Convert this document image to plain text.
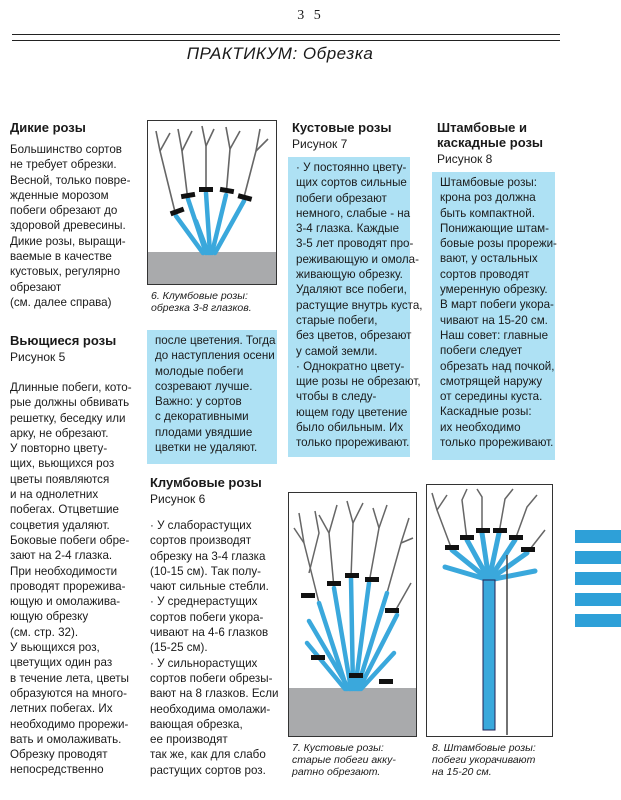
3 5
ПРАКТИКУМ: Обрезка
Дикие розы
Большинство сортов
не требует обрезки.
Весной, только повре-
жденные морозом
побеги обрезают до
здоровой древесины.
Дикие розы, выращи-
ваемые в качестве
кустовых, регулярно
обрезают
(см. далее справа)
Вьющиеся розы
Рисунок 5
Длинные побеги, кото-
рые должны обвивать
решетку, беседку или
арку, не обрезают.
У повторно цвету-
щих, вьющихся роз
цветы появляются
и на однолетних
побегах. Отцветшие
соцветия удаляют.
Боковые побеги обре-
зают на 2-4 глазка.
При необходимости
проводят прорежива-
ющую и омолажива-
ющую обрезку
(см. стр. 32).
У вьющихся роз,
цветущих один раз
в течение лета, цветы
образуются на много-
летних побегах. Их
необходимо прорежи-
вать и омолаживать.
Обрезку проводят
непосредственно
6. Клумбовые розы:
обрезка 3-8 глазков.
после цветения. Тогда
до наступления осени
молодые побеги
созревают лучше.
Важно: у сортов
с декоративными
плодами увядшие
цветки не удаляют.
Клумбовые розы
Рисунок 6
· У слаборастущих
сортов производят
обрезку на 3-4 глазка
(10-15 см). Так полу-
чают сильные стебли.
· У среднерастущих
сортов побеги укора-
чивают на 4-6 глазков
(15-25 см).
· У сильнорастущих
сортов побеги обрезы-
вают на 8 глазков. Если
необходима омолажи-
вающая обрезка,
ее производят
так же, как для слабо
растущих сортов роз.
Кустовые розы
Рисунок 7
· У постоянно цвету-
щих сортов сильные
побеги обрезают
немного, слабые - на
3-4 глазка. Каждые
3-5 лет проводят про-
реживающую и омола-
живающую обрезку.
Удаляют все побеги,
растущие внутрь куста,
старые побеги,
без цветов, обрезают
у самой земли.
· Однократно цвету-
щие розы не обрезают,
чтобы в следу-
ющем году цветение
было обильным. Их
только прореживают.
7. Кустовые розы:
старые побеги акку-
ратно обрезают.
Штамбовые и
каскадные розы
Рисунок 8
Штамбовые розы:
крона роз должна
быть компактной.
Понижающие штам-
бовые розы прорежи-
вают, у остальных
сортов проводят
умеренную обрезку.
В март побеги укора-
чивают на 15-20 см.
Наш совет: главные
побеги следует
обрезать над почкой,
смотрящей наружу
от середины куста.
Каскадные розы:
их необходимо
только прореживают.
8. Штамбовые розы:
побеги укорачивают
на 15-20 см.
